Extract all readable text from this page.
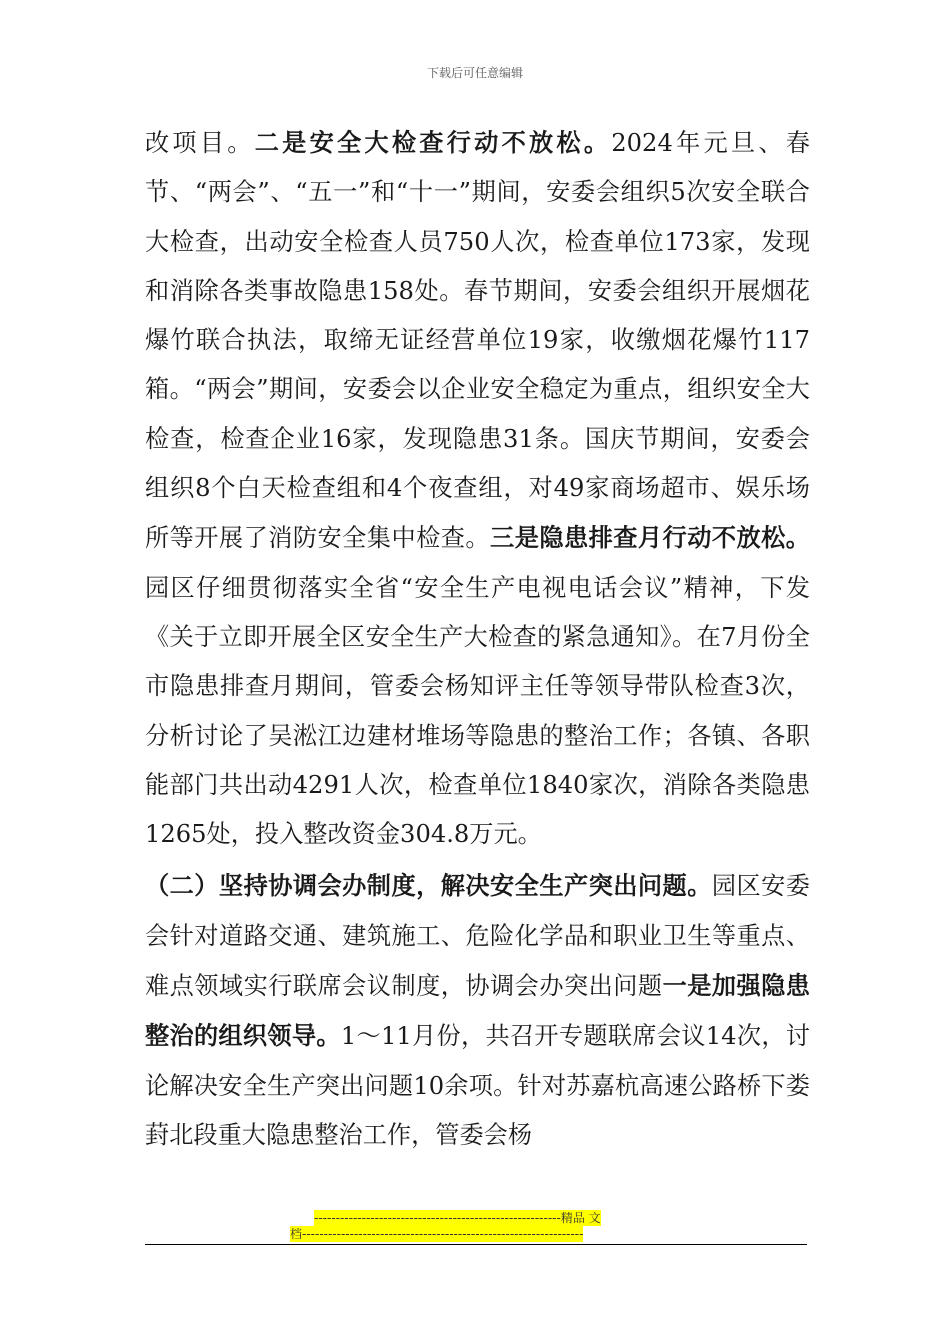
下载后可任意编辑

改项目。二是安全大检查行动不放松。2024年元旦、春节、“两会”、“五一”和“十一”期间，安委会组织5次安全联合大检查，出动安全检查人员750人次，检查单位173家，发现和消除各类事故隐患158处。春节期间，安委会组织开展烟花爆竹联合执法，取缔无证经营单位19家，收缴烟花爆竹117箱。“两会”期间，安委会以企业安全稳定为重点，组织安全大检查，检查企业16家，发现隐患31条。国庆节期间，安委会组织8个白天检查组和4个夜查组，对49家商场超市、娱乐场所等开展了消防安全集中检查。三是隐患排查月行动不放松。园区仔细贯彻落实全省“安全生产电视电话会议”精神，下发《关于立即开展全区安全生产大检查的紧急通知》。在7月份全市隐患排查月期间，管委会杨知评主任等领导带队检查3次，分析讨论了吴淞江边建材堆场等隐患的整治工作；各镇、各职能部门共出动4291人次，检查单位1840家次，消除各类隐患1265处，投入整改资金304.8万元。

（二）坚持协调会办制度，解决安全生产突出问题。园区安委会针对道路交通、建筑施工、危险化学品和职业卫生等重点、难点领域实行联席会议制度，协调会办突出问题一是加强隐患整治的组织领导。1～11月份，共召开专题联席会议14次，讨论解决安全生产突出问题10余项。针对苏嘉杭高速公路桥下娄葑北段重大隐患整治工作，管委会杨

---------------------------------------------------------精品 文
档-----------------------------------------------------------------
